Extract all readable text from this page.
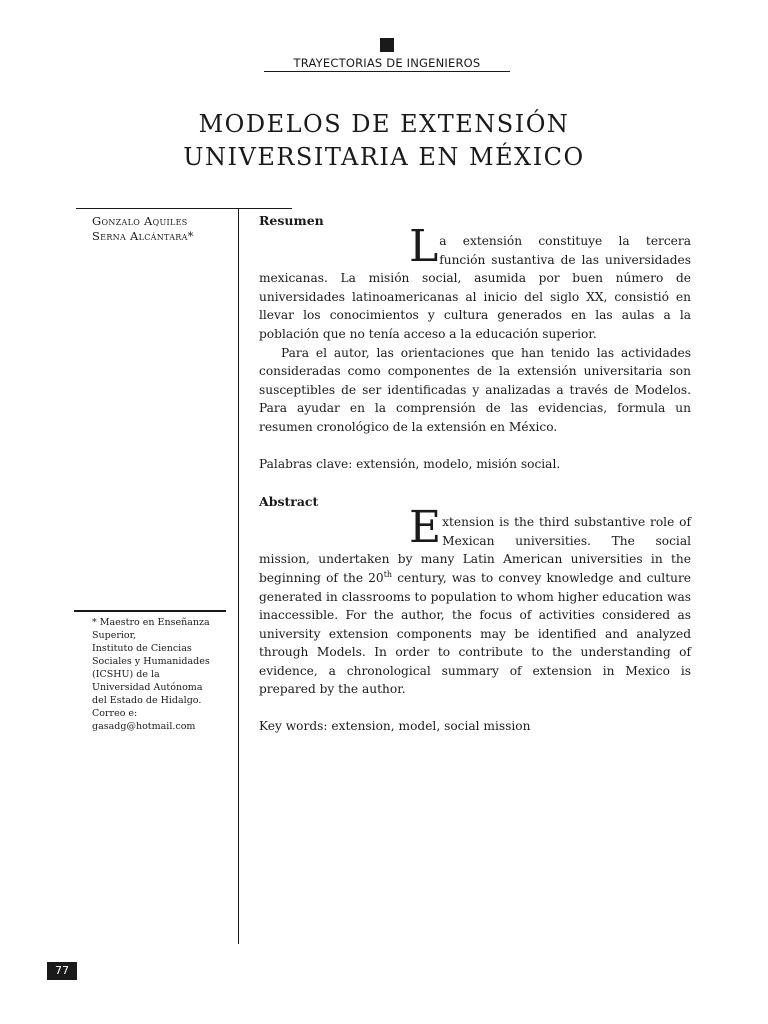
TRAYECTORIAS DE INGENIEROS
MODELOS DE EXTENSIÓN
UNIVERSITARIA EN MÉXICO
Gonzalo Aquiles
Serna Alcántara*
* Maestro en Enseñanza
Superior,
Instituto de Ciencias
Sociales y Humanidades
(ICSHU) de la
Universidad Autónoma
del Estado de Hidalgo.
Correo e:
gasadg@hotmail.com
Resumen

La extensión constituye la tercera función sustantiva de las universidades mexicanas. La misión social, asumida por buen número de universidades latinoamericanas al inicio del siglo XX, consistió en llevar los conocimientos y cultura generados en las aulas a la población que no tenía acceso a la educación superior.

Para el autor, las orientaciones que han tenido las actividades consideradas como componentes de la extensión universitaria son susceptibles de ser identificadas y analizadas a través de Modelos. Para ayudar en la comprensión de las evidencias, formula un resumen cronológico de la extensión en México.

Palabras clave: extensión, modelo, misión social.

Abstract

Extension is the third substantive role of Mexican universities. The social mission, undertaken by many Latin American universities in the beginning of the 20th century, was to convey knowledge and culture generated in classrooms to population to whom higher education was inaccessible. For the author, the focus of activities considered as university extension components may be identified and analyzed through Models. In order to contribute to the understanding of evidence, a chronological summary of extension in Mexico is prepared by the author.

Key words: extension, model, social mission

77
